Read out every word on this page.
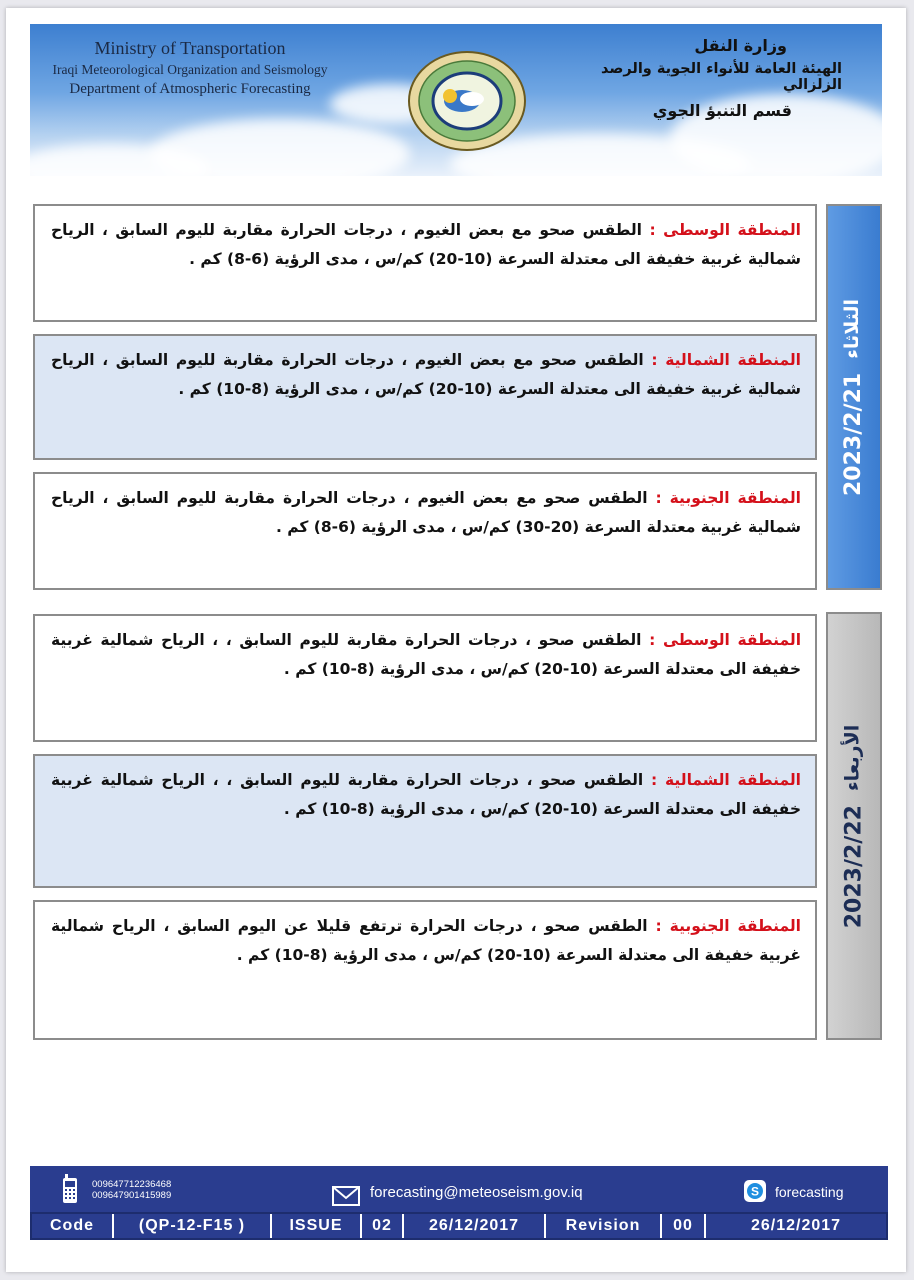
Ministry of Transportation
Iraqi Meteorological Organization and Seismology
Department of Atmospheric Forecasting
وزارة النقل
الهيئة العامة للأنواء الجوية والرصد الزلزالي
قسم التنبؤ الجوي

المنطقة الوسطى : الطقس صحو مع بعض الغيوم ، درجات الحرارة مقاربة لليوم السابق ، الرياح شمالية غربية خفيفة الى معتدلة السرعة (10-20) كم/س ، مدى الرؤية (6-8) كم .

المنطقة الشمالية : الطقس صحو مع بعض الغيوم ، درجات الحرارة مقاربة لليوم السابق ، الرياح شمالية غربية خفيفة الى معتدلة السرعة (10-20) كم/س ، مدى الرؤية (8-10) كم .

المنطقة الجنوبية : الطقس صحو مع بعض الغيوم ، درجات الحرارة مقاربة لليوم السابق ، الرياح شمالية غربية معتدلة السرعة (20-30) كم/س ، مدى الرؤية (6-8) كم .

2023/2/21
الثلاثاء

المنطقة الوسطى : الطقس صحو ، درجات الحرارة مقاربة لليوم السابق ، ، الرياح شمالية غربية خفيفة الى معتدلة السرعة (10-20) كم/س ، مدى الرؤية (8-10) كم .

المنطقة الشمالية : الطقس صحو ، درجات الحرارة مقاربة لليوم السابق ، ، الرياح شمالية غربية خفيفة الى معتدلة السرعة (10-20) كم/س ، مدى الرؤية (8-10) كم .

المنطقة الجنوبية : الطقس صحو ، درجات الحرارة ترتفع قليلا عن اليوم السابق ، الرياح شمالية غربية خفيفة الى معتدلة السرعة (10-20) كم/س ، مدى الرؤية (8-10) كم .

2023/2/22
الأربعاء
009647712236468
009647901415989	forecasting@meteoseism.gov.iq	S forecasting
Code	(QP-12-F15 )	ISSUE	02	26/12/2017	Revision	00	26/12/2017
